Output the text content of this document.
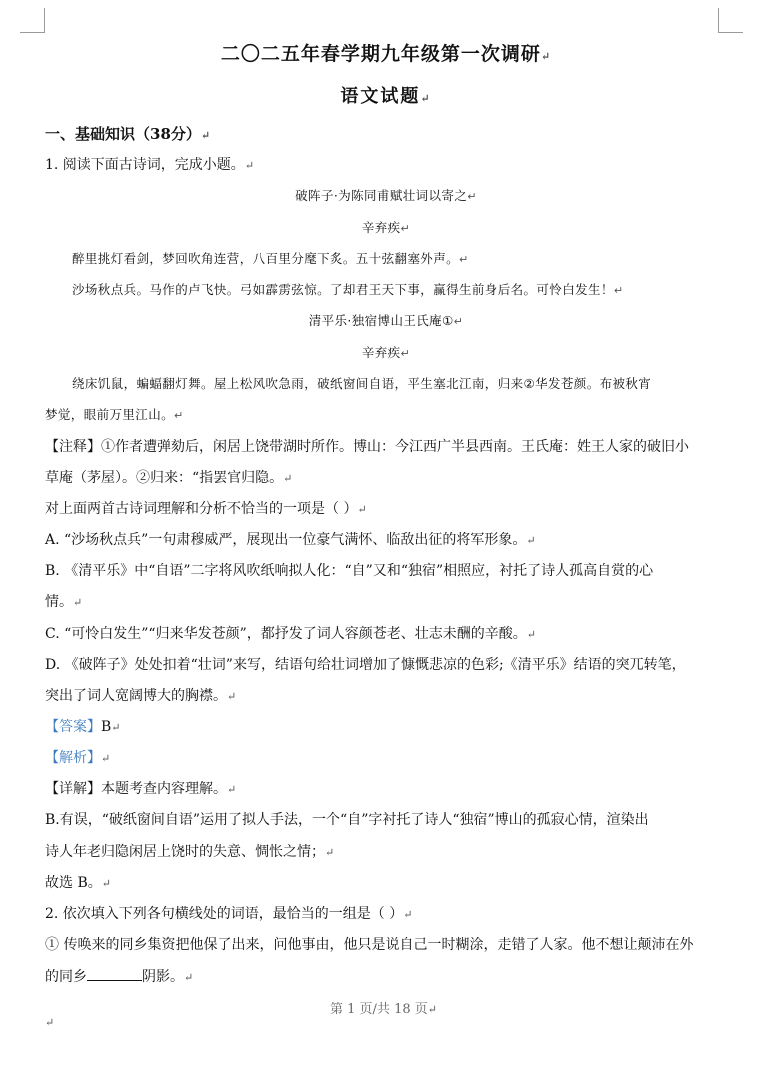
二〇二五年春学期九年级第一次调研↵
语文试题↵
一、基础知识（38分）↵
1. 阅读下面古诗词，完成小题。↵
破阵子·为陈同甫赋壮词以寄之↵
辛弃疾↵
醉里挑灯看剑，梦回吹角连营，八百里分麾下炙。五十弦翻塞外声。↵
沙场秋点兵。马作的卢飞快。弓如霹雳弦惊。了却君王天下事，赢得生前身后名。可怜白发生！↵
清平乐·独宿博山王氏庵①↵
辛弃疾↵
绕床饥鼠，蝙蝠翻灯舞。屋上松风吹急雨，破纸窗间自语，平生塞北江南，归来②华发苍颜。布被秋宵
梦觉，眼前万里江山。↵
【注释】①作者遭弹劾后，闲居上饶带湖时所作。博山：今江西广半县西南。王氏庵：姓王人家的破旧小
草庵（茅屋）。②归来：“指罢官归隐。↵
对上面两首古诗词理解和分析不恰当的一项是（ ）↵
A. “沙场秋点兵”一句肃穆威严，展现出一位豪气满怀、临敌出征的将军形象。↵
B. 《清平乐》中“自语”二字将风吹纸响拟人化：“自”又和“独宿”相照应，衬托了诗人孤高自赏的心
情。↵
C. “可怜白发生”“归来华发苍颜”，都抒发了词人容颜苍老、壮志未酬的辛酸。↵
D. 《破阵子》处处扣着“壮词”来写，结语句给壮词增加了慷慨悲凉的色彩;《清平乐》结语的突兀转笔，
突出了词人宽阔博大的胸襟。↵
【答案】B↵
【解析】↵
【详解】本题考查内容理解。↵
B.有误，“破纸窗间自语”运用了拟人手法，一个“自”字衬托了诗人“独宿”博山的孤寂心情，渲染出
诗人年老归隐闲居上饶时的失意、惆怅之情；↵
故选 B。↵
2. 依次填入下列各句横线处的词语，最恰当的一组是（ ）↵
① 传唤来的同乡集资把他保了出来，问他事由，他只是说自己一时糊涂，走错了人家。他不想让颠沛在外
的同乡	阴影。↵
第 1 页/共 18 页↵
↵
